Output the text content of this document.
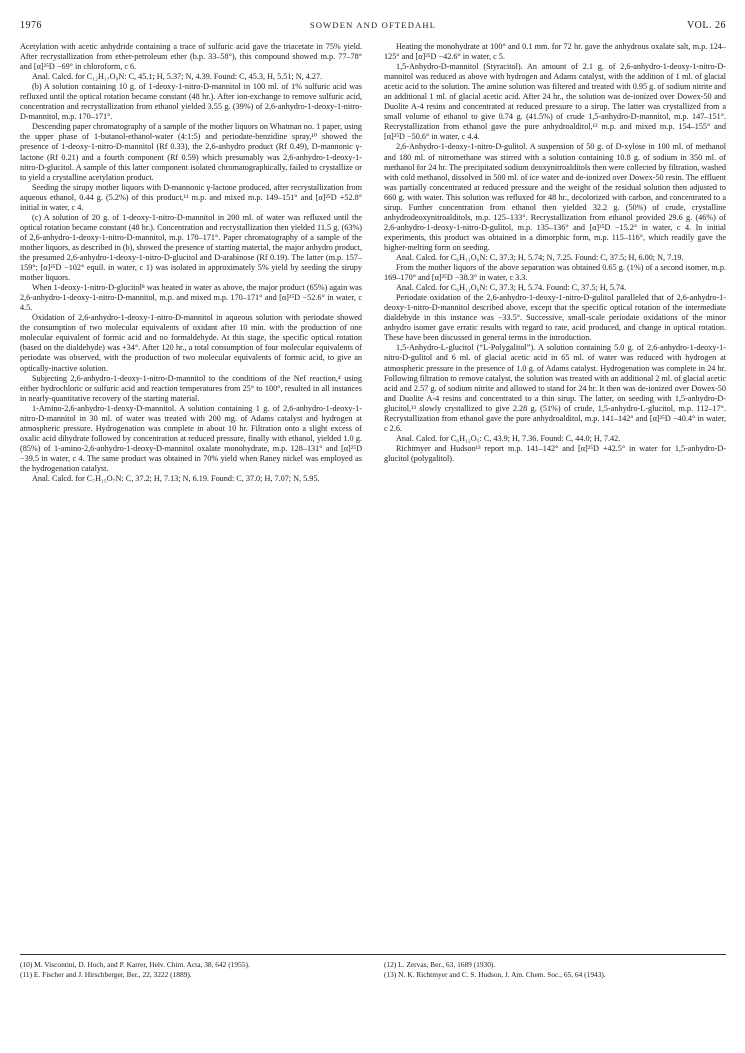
1976	SOWDEN AND OFTEDAHL	VOL. 26

Acetylation with acetic anhydride containing a trace of sulfuric acid gave the triacetate in 75% yield. After recrystallization from ether-petroleum ether (b.p. 33–58°), this compound showed m.p. 77–78° and [α]²⁵D −69° in chloroform, c 6.

Anal. Calcd. for C₁₂H₁₇O₉N: C, 45.1; H, 5.37; N, 4.39. Found: C, 45.3, H, 5.51; N, 4.27.

(b) A solution containing 10 g. of 1-deoxy-1-nitro-D-mannitol in 100 ml. of 1% sulfuric acid was refluxed until the optical rotation became constant (48 hr.). After ion-exchange to remove sulfuric acid, concentration and recrystallization from ethanol yielded 3.55 g. (39%) of 2,6-anhydro-1-deoxy-1-nitro-D-mannitol, m.p. 170–171°.

Descending paper chromatography of a sample of the mother liquors on Whatman no. 1 paper, using the upper phase of 1-butanol-ethanol-water (4:1:5) and periodate-benzidine spray,¹⁰ showed the presence of 1-deoxy-1-nitro-D-mannitol (Rf 0.33), the 2,6-anhydro product (Rf 0.49), D-mannonic γ-lactone (Rf 0.21) and a fourth component (Rf 0.59) which presumably was 2,6-anhydro-1-deoxy-1-nitro-D-glucitol. A sample of this latter component isolated chromatographically, failed to crystallize or to yield a crystalline acetylation product.

Seeding the sirupy mother liquors with D-mannonic γ-lactone produced, after recrystallization from aqueous ethanol, 0.44 g. (5.2%) of this product,¹¹ m.p. and mixed m.p. 149–151° and [α]²⁵D +52.8° initial in water, c 4.

(c) A solution of 20 g. of 1-deoxy-1-nitro-D-mannitol in 200 ml. of water was refluxed until the optical rotation became constant (48 hr.). Concentration and recrystallization then yielded 11.5 g. (63%) of 2,6-anhydro-1-deoxy-1-nitro-D-mannitol, m.p. 170–171°. Paper chromatography of a sample of the mother liquors, as described in (b), showed the presence of starting material, the major anhydro product, the presumed 2,6-anhydro-1-deoxy-1-nitro-D-glucitol and D-arabinose (Rf 0.19). The latter (m.p. 157–159°; [α]²⁵D −102° equil. in water, c 1) was isolated in approximately 5% yield by seeding the sirupy mother liquors.

When 1-deoxy-1-nitro-D-glucitol⁸ was heated in water as above, the major product (65%) again was 2,6-anhydro-1-deoxy-1-nitro-D-mannitol, m.p. and mixed m.p. 170–171° and [α]²⁵D −52.6° in water, c 4.5.

Oxidation of 2,6-anhydro-1-deoxy-1-nitro-D-mannitol in aqueous solution with periodate showed the consumption of two molecular equivalents of oxidant after 10 min. with the production of one molecular equivalent of formic acid and no formaldehyde. At this stage, the specific optical rotation (based on the dialdehyde) was +34°. After 120 hr., a total consumption of four molecular equivalents of periodate was observed, with the production of two molecular equivalents of formic acid, to give an optically-inactive solution.

Subjecting 2,6-anhydro-1-deoxy-1-nitro-D-mannitol to the conditions of the Nef reaction,⁴ using either hydrochloric or sulfuric acid and reaction temperatures from 25° to 100°, resulted in all instances in nearly-quantitative recovery of the starting material.

1-Amino-2,6-anhydro-1-deoxy-D-mannitol. A solution containing 1 g. of 2,6-anhydro-1-deoxy-1-nitro-D-mannitol in 30 ml. of water was treated with 200 mg. of Adams catalyst and hydrogen at atmospheric pressure. Hydrogenation was complete in about 10 hr. Filtration onto a slight excess of oxalic acid dihydrate followed by concentration at reduced pressure, finally with ethanol, yielded 1.0 g. (85%) of 1-amino-2,6-anhydro-1-deoxy-D-mannitol oxalate monohydrate, m.p. 128–131° and [α]²⁵D −39.5 in water, c 4. The same product was obtained in 70% yield when Raney nickel was employed as the hydrogenation catalyst.

Anal. Calcd. for C₇H₁₅O₇N: C, 37.2; H, 7.13; N, 6.19. Found: C, 37.0; H, 7.07; N, 5.95.

Heating the monohydrate at 100° and 0.1 mm. for 72 hr. gave the anhydrous oxalate salt, m.p. 124–125° and [α]²⁵D −42.6° in water, c 5.

1,5-Anhydro-D-mannitol (Styracitol). An amount of 2.1 g. of 2,6-anhydro-1-deoxy-1-nitro-D-mannitol was reduced as above with hydrogen and Adams catalyst, with the addition of 1 ml. of glacial acetic acid to the solution. The amine solution was filtered and treated with 0.95 g. of sodium nitrite and an additional 1 ml. of glacial acetic acid. After 24 hr., the solution was de-ionized over Dowex-50 and Duolite A-4 resins and concentrated at reduced pressure to a sirup. The latter was crystallized from a small volume of ethanol to give 0.74 g. (41.5%) of crude 1,5-anhydro-D-mannitol, m.p. 147–151°. Recrystallization from ethanol gave the pure anhydroalditol,¹² m.p. and mixed m.p. 154–155° and [α]²⁵D −50.6° in water, c 4.4.

2,6-Anhydro-1-deoxy-1-nitro-D-gulitol. A suspension of 50 g. of D-xylose in 100 ml. of methanol and 180 ml. of nitromethane was stirred with a solution containing 10.8 g. of sodium in 350 ml. of methanol for 24 hr. The precipitated sodium deoxynitroalditols then were collected by filtration, washed with cold methanol, dissolved in 500 ml. of ice water and de-ionized over Dowex-50 resin. The effluent was partially concentrated at reduced pressure and the weight of the residual solution then adjusted to 660 g. with water. This solution was refluxed for 48 hr., decolorized with carbon, and concentrated to a sirup. Further concentration from ethanol then yielded 32.2 g. (50%) of crude, crystalline anhydrodeoxynitroalditols, m.p. 125–133°. Recrystallization from ethanol provided 29.6 g. (46%) of 2,6-anhydro-1-deoxy-1-nitro-D-gulitol, m.p. 135–136° and [α]²⁵D −15.2° in water, c 4. In initial experiments, this product was obtained in a dimorphic form, m.p. 115–116°, which readily gave the higher-melting form on seeding.

Anal. Calcd. for C₆H₁₁O₆N: C, 37.3; H, 5.74; N, 7.25. Found: C, 37.5; H, 6.00; N, 7.19.

From the mother liquors of the above separation was obtained 0.65 g. (1%) of a second isomer, m.p. 169–170° and [α]²⁵D −38.3° in water, c 3.3.

Anal. Calcd. for C₆H₁₁O₆N: C, 37.3; H, 5.74. Found: C, 37.5; H, 5.74.

Periodate oxidation of the 2,6-anhydro-1-deoxy-1-nitro-D-gulitol paralleled that of 2,6-anhydro-1-deoxy-1-nitro-D-mannitol described above, except that the specific optical rotation of the intermediate dialdehyde in this instance was −33.5°. Successive, small-scale periodate oxidations of the minor anhydro isomer gave erratic results with regard to rate, acid produced, and change in optical rotation. These have been discussed in general terms in the introduction.

1,5-Anhydro-L-glucitol (“L-Polygalitol”). A solution containing 5.0 g. of 2,6-anhydro-1-deoxy-1-nitro-D-gulitol and 6 ml. of glacial acetic acid in 65 ml. of water was reduced with hydrogen at atmospheric pressure in the presence of 1.0 g. of Adams catalyst. Hydrogenation was complete in 24 hr. Following filtration to remove catalyst, the solution was treated with an additional 2 ml. of glacial acetic acid and 2.57 g. of sodium nitrite and allowed to stand for 24 hr. It then was de-ionized over Dowex-50 and Duolite A-4 resins and concentrated to a thin sirup. The latter, on seeding with 1,5-anhydro-D-glucitol,¹³ slowly crystallized to give 2.28 g. (51%) of crude, 1,5-anhydro-L-glucitol, m.p. 112–17°. Recrystallization from ethanol gave the pure anhydroalditol, m.p. 141–142° and [α]²⁵D −40.4° in water, c 2.6.

Anal. Calcd. for C₆H₁₂O₅: C, 43.9; H, 7.36. Found: C, 44.0; H, 7.42.

Richtmyer and Hudson¹³ report m.p. 141–142° and [α]²⁵D +42.5° in water for 1,5-anhydro-D-glucitol (polygalitol).

(10) M. Viscontini, D. Hoch, and P. Karrer, Helv. Chim. Acta, 38, 642 (1955).

(11) E. Fischer and J. Hirschberger, Ber., 22, 3222 (1889).

(12) L. Zervas, Ber., 63, 1689 (1930).

(13) N. K. Richtmyer and C. S. Hudson, J. Am. Chem. Soc., 65, 64 (1943).
